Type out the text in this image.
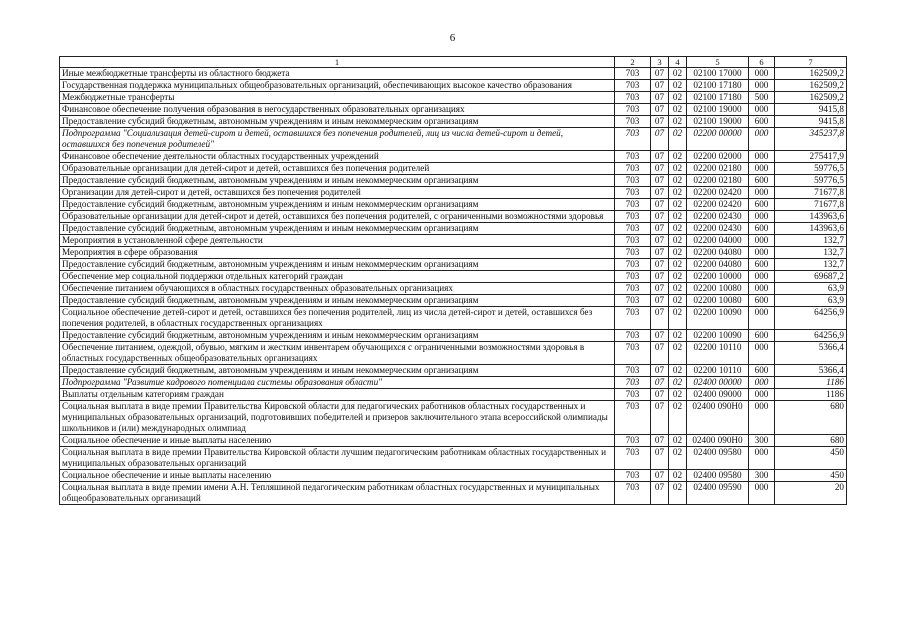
6
1	2	3	4	5	6	7
Иные межбюджетные трансферты из областного бюджета	703	07	02	02100 17000	000	162509,2
Государственная поддержка муниципальных общеобразовательных организаций, обеспечивающих высокое качество образования	703	07	02	02100 17180	000	162509,2
Межбюджетные трансферты	703	07	02	02100 17180	500	162509,2
Финансовое обеспечение получения образования в негосударственных образовательных организациях	703	07	02	02100 19000	000	9415,8
Предоставление субсидий бюджетным, автономным учреждениям и иным некоммерческим организациям	703	07	02	02100 19000	600	9415,8
Подпрограмма "Социализация детей-сирот и детей, оставшихся без попечения родителей, лиц из числа детей-сирот и детей, оставшихся без попечения родителей"	703	07	02	02200 00000	000	345237,8
Финансовое обеспечение деятельности областных государственных учреждений	703	07	02	02200 02000	000	275417,9
Образовательные организации для детей-сирот и детей, оставшихся без попечения родителей	703	07	02	02200 02180	000	59776,5
Предоставление субсидий бюджетным, автономным учреждениям и иным некоммерческим организациям	703	07	02	02200 02180	600	59776,5
Организации для детей-сирот и детей, оставшихся без попечения родителей	703	07	02	02200 02420	000	71677,8
Предоставление субсидий бюджетным, автономным учреждениям и иным некоммерческим организациям	703	07	02	02200 02420	600	71677,8
Образовательные организации для детей-сирот и детей, оставшихся без попечения родителей, с ограниченными возможностями здоровья	703	07	02	02200 02430	000	143963,6
Предоставление субсидий бюджетным, автономным учреждениям и иным некоммерческим организациям	703	07	02	02200 02430	600	143963,6
Мероприятия в установленной сфере деятельности	703	07	02	02200 04000	000	132,7
Мероприятия в сфере образования	703	07	02	02200 04080	000	132,7
Предоставление субсидий бюджетным, автономным учреждениям и иным некоммерческим организациям	703	07	02	02200 04080	600	132,7
Обеспечение мер социальной поддержки отдельных категорий граждан	703	07	02	02200 10000	000	69687,2
Обеспечение питанием обучающихся в областных государственных образовательных организациях	703	07	02	02200 10080	000	63,9
Предоставление субсидий бюджетным, автономным учреждениям и иным некоммерческим организациям	703	07	02	02200 10080	600	63,9
Социальное обеспечение детей-сирот и детей, оставшихся без попечения родителей, лиц из числа детей-сирот и детей, оставшихся без попечения родителей, в областных государственных организациях	703	07	02	02200 10090	000	64256,9
Предоставление субсидий бюджетным, автономным учреждениям и иным некоммерческим организациям	703	07	02	02200 10090	600	64256,9
Обеспечение питанием, одеждой, обувью, мягким и жестким инвентарем обучающихся с ограниченными возможностями здоровья в областных государственных общеобразовательных организациях	703	07	02	02200 10110	000	5366,4
Предоставление субсидий бюджетным, автономным учреждениям и иным некоммерческим организациям	703	07	02	02200 10110	600	5366,4
Подпрограмма "Развитие кадрового потенциала системы образования области"	703	07	02	02400 00000	000	1186
Выплаты отдельным категориям граждан	703	07	02	02400 09000	000	1186
Социальная выплата в виде премии Правительства Кировской области для педагогических работников областных государственных и муниципальных образовательных организаций, подготовивших победителей и призеров заключительного этапа всероссийской олимпиады школьников и (или) международных олимпиад	703	07	02	02400 090Н0	000	680
Социальное обеспечение и иные выплаты населению	703	07	02	02400 090Н0	300	680
Социальная выплата в виде премии Правительства Кировской области лучшим педагогическим работникам областных государственных и муниципальных образовательных организаций	703	07	02	02400 09580	000	450
Социальное обеспечение и иные выплаты населению	703	07	02	02400 09580	300	450
Социальная выплата в виде премии имени А.Н. Тепляшиной педагогическим работникам областных государственных и муниципальных общеобразовательных организаций	703	07	02	02400 09590	000	20
